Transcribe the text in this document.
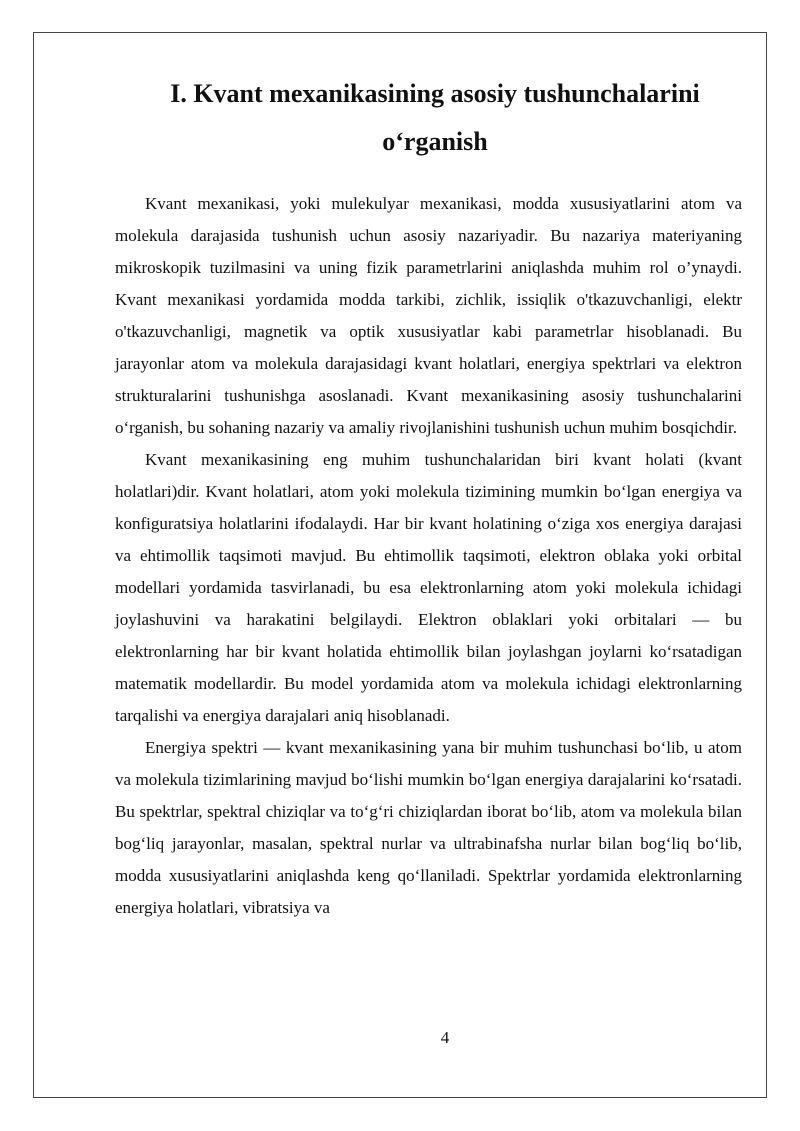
I. Kvant mexanikasining asosiy tushunchalarini o‘rganish

Kvant mexanikasi, yoki mulekulyar mexanikasi, modda xususiyatlarini atom va molekula darajasida tushunish uchun asosiy nazariyadir. Bu nazariya materiyaning mikroskopik tuzilmasini va uning fizik parametrlarini aniqlashda muhim rol o’ynaydi. Kvant mexanikasi yordamida modda tarkibi, zichlik, issiqlik o'tkazuvchanligi, elektr o'tkazuvchanligi, magnetik va optik xususiyatlar kabi parametrlar hisoblanadi. Bu jarayonlar atom va molekula darajasidagi kvant holatlari, energiya spektrlari va elektron strukturalarini tushunishga asoslanadi. Kvant mexanikasining asosiy tushunchalarini o‘rganish, bu sohaning nazariy va amaliy rivojlanishini tushunish uchun muhim bosqichdir.

Kvant mexanikasining eng muhim tushunchalaridan biri kvant holati (kvant holatlari)dir. Kvant holatlari, atom yoki molekula tizimining mumkin bo‘lgan energiya va konfiguratsiya holatlarini ifodalaydi. Har bir kvant holatining o‘ziga xos energiya darajasi va ehtimollik taqsimoti mavjud. Bu ehtimollik taqsimoti, elektron oblaka yoki orbital modellari yordamida tasvirlanadi, bu esa elektronlarning atom yoki molekula ichidagi joylashuvini va harakatini belgilaydi. Elektron oblaklari yoki orbitalari — bu elektronlarning har bir kvant holatida ehtimollik bilan joylashgan joylarni ko‘rsatadigan matematik modellardir. Bu model yordamida atom va molekula ichidagi elektronlarning tarqalishi va energiya darajalari aniq hisoblanadi.

Energiya spektri — kvant mexanikasining yana bir muhim tushunchasi bo‘lib, u atom va molekula tizimlarining mavjud bo‘lishi mumkin bo‘lgan energiya darajalarini ko‘rsatadi. Bu spektrlar, spektral chiziqlar va to‘g‘ri chiziqlardan iborat bo‘lib, atom va molekula bilan bog‘liq jarayonlar, masalan, spektral nurlar va ultrabinafsha nurlar bilan bog‘liq bo‘lib, modda xususiyatlarini aniqlashda keng qo‘llaniladi. Spektrlar yordamida elektronlarning energiya holatlari, vibratsiya va

4
